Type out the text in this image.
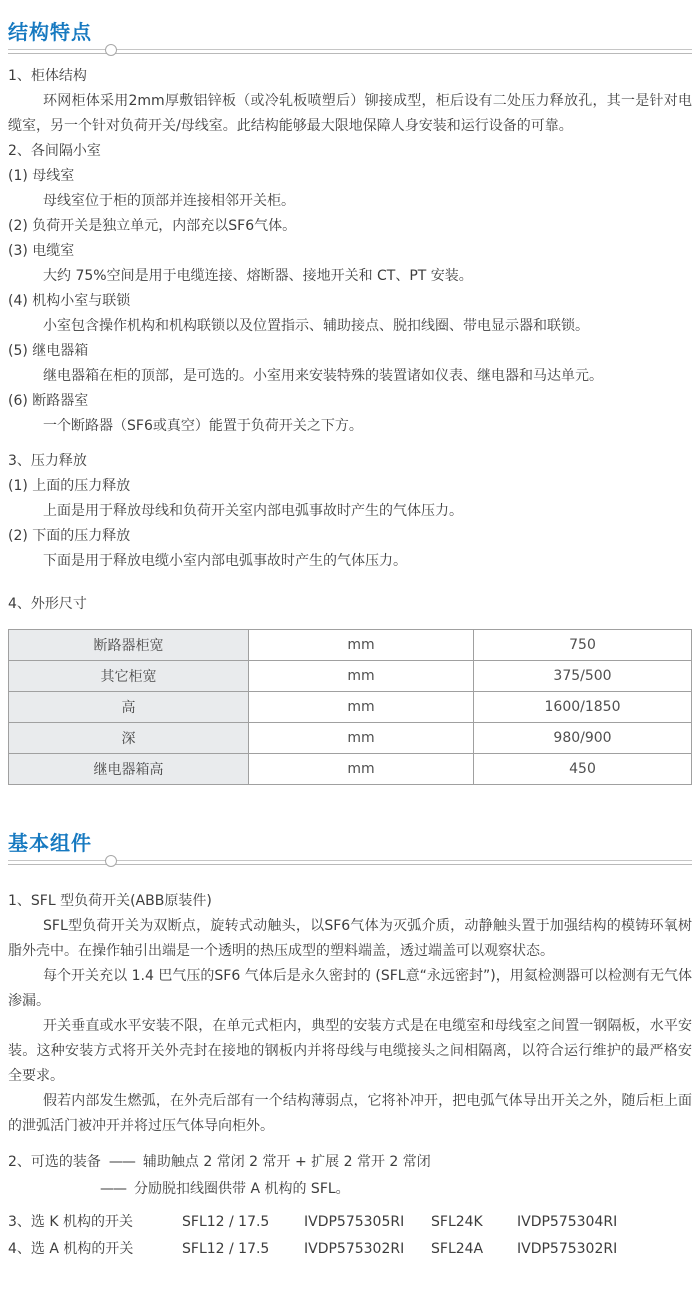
结构特点
1、柜体结构

环网柜体采用2mm厚敷铝锌板（或冷轧板喷塑后）铆接成型，柜后设有二处压力释放孔，其一是针对电缆室，另一个针对负荷开关/母线室。此结构能够最大限地保障人身安装和运行设备的可靠。

2、各间隔小室
(1) 母线室
母线室位于柜的顶部并连接相邻开关柜。
(2) 负荷开关是独立单元，内部充以SF6气体。
(3) 电缆室
大约 75%空间是用于电缆连接、熔断器、接地开关和 CT、PT 安装。
(4) 机构小室与联锁
小室包含操作机构和机构联锁以及位置指示、辅助接点、脱扣线圈、带电显示器和联锁。
(5) 继电器箱
继电器箱在柜的顶部，是可选的。小室用来安装特殊的装置诸如仪表、继电器和马达单元。
(6) 断路器室
一个断路器（SF6或真空）能置于负荷开关之下方。
3、压力释放
(1) 上面的压力释放
上面是用于释放母线和负荷开关室内部电弧事故时产生的气体压力。
(2) 下面的压力释放
下面是用于释放电缆小室内部电弧事故时产生的气体压力。
4、外形尺寸
断路器柜宽	mm	750
其它柜宽	mm	375/500
高	mm	1600/1850
深	mm	980/900
继电器箱高	mm	450
基本组件
1、SFL 型负荷开关(ABB原装件)

SFL型负荷开关为双断点，旋转式动触头，以SF6气体为灭弧介质，动静触头置于加强结构的模铸环氧树脂外壳中。在操作轴引出端是一个透明的热压成型的塑料端盖，透过端盖可以观察状态。

每个开关充以 1.4 巴气压的SF6 气体后是永久密封的 (SFL意“永远密封”)，用氦检测器可以检测有无气体渗漏。

开关垂直或水平安装不限，在单元式柜内，典型的安装方式是在电缆室和母线室之间置一钢隔板，水平安装。这种安装方式将开关外壳封在接地的钢板内并将母线与电缆接头之间相隔离，以符合运行维护的最严格安全要求。

假若内部发生燃弧，在外壳后部有一个结构薄弱点，它将补冲开，把电弧气体导出开关之外，随后柜上面的泄弧活门被冲开并将过压气体导向柜外。

2、可选的装备 —— 辅助触点 2 常闭 2 常开 + 扩展 2 常开 2 常闭
—— 分励脱扣线圈供带 A 机构的 SFL。
3、选 K 机构的开关	SFL12 / 17.5	IVDP575305RI	SFL24K	IVDP575304RI
4、选 A 机构的开关	SFL12 / 17.5	IVDP575302RI	SFL24A	IVDP575302RI
